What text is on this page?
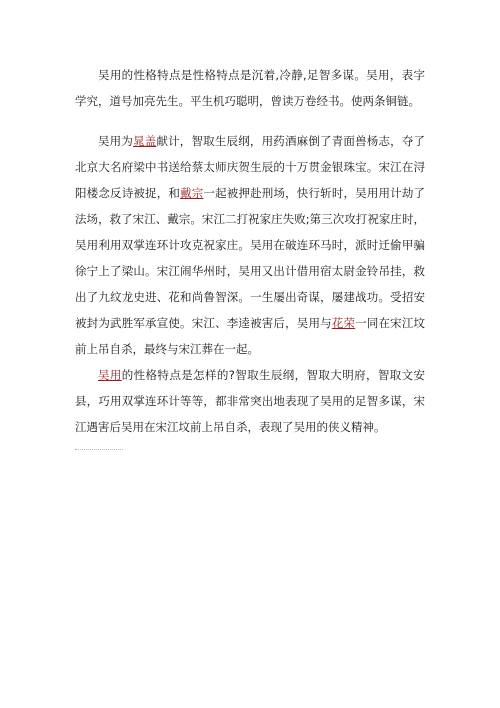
吴用的性格特点是性格特点是沉着,冷静,足智多谋。吴用，表字学究，道号加亮先生。平生机巧聪明，曾读万卷经书。使两条铜链。

吴用为晁盖献计，智取生辰纲，用药酒麻倒了青面兽杨志，夺了北京大名府梁中书送给蔡太师庆贺生辰的十万贯金银珠宝。宋江在浔阳楼念反诗被捉，和戴宗一起被押赴刑场，快行斩时，吴用用计劫了法场，救了宋江、戴宗。宋江二打祝家庄失败;第三次攻打祝家庄时，吴用利用双掌连环计攻克祝家庄。吴用在破连环马时，派时迁偷甲骗徐宁上了梁山。宋江闹华州时，吴用又出计借用宿太尉金铃吊挂，救出了九纹龙史进、花和尚鲁智深。一生屡出奇谋，屡建战功。受招安被封为武胜军承宣使。宋江、李逵被害后，吴用与花荣一同在宋江坟前上吊自杀，最终与宋江葬在一起。

吴用的性格特点是怎样的?智取生辰纲，智取大明府，智取文安县，巧用双掌连环计等等，都非常突出地表现了吴用的足智多谋，宋江遇害后吴用在宋江坟前上吊自杀，表现了吴用的侠义精神。
